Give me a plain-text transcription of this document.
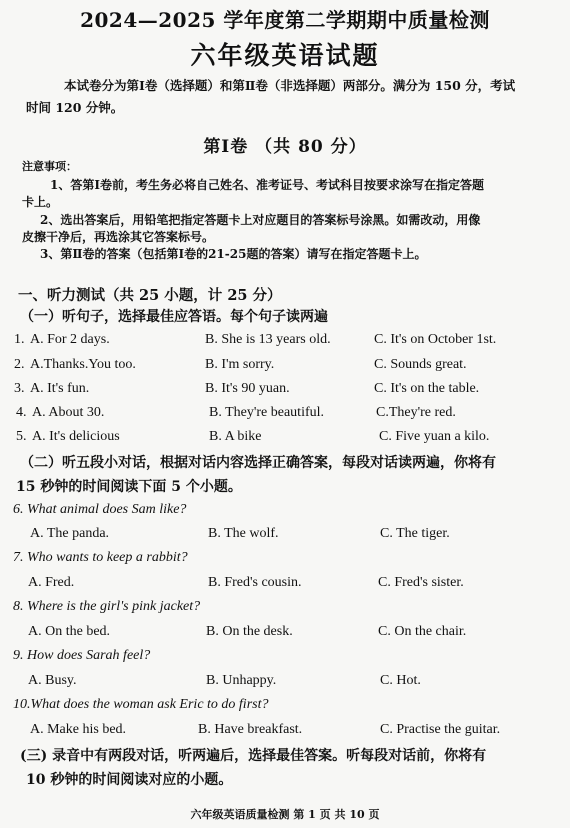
2024—2025 学年度第二学期期中质量检测
六年级英语试题
本试卷分为第Ⅰ卷（选择题）和第Ⅱ卷（非选择题）两部分。满分为 150 分，考试
时间 120 分钟。
第Ⅰ卷 （共 80 分）
注意事项：
1、答第Ⅰ卷前，考生务必将自己姓名、准考证号、考试科目按要求涂写在指定答题
卡上。
2、选出答案后，用铅笔把指定答题卡上对应题目的答案标号涂黑。如需改动，用像
皮擦干净后，再选涂其它答案标号。
3、第Ⅱ卷的答案（包括第Ⅰ卷的21-25题的答案）请写在指定答题卡上。
一、听力测试（共 25 小题，计 25 分）
（一）听句子，选择最佳应答语。每个句子读两遍
1. A. For 2 days.	B. She is 13 years old.	C. It's on October 1st.
2. A.Thanks.You too.	B. I'm sorry.	C. Sounds great.
3. A. It's fun.	B. It's 90 yuan.	C. It's on the table.
4. A. About 30.	B. They're beautiful.	C.They're red.
5. A. It's delicious	B. A bike	C. Five yuan a kilo.
（二）听五段小对话，根据对话内容选择正确答案，每段对话读两遍，你将有
15 秒钟的时间阅读下面 5 个小题。
6. What animal does Sam like?
A. The panda.	B. The wolf.	C. The tiger.
7. Who wants to keep a rabbit?
A. Fred.	B. Fred's cousin.	C. Fred's sister.
8. Where is the girl's pink jacket?
A. On the bed.	B. On the desk.	C. On the chair.
9. How does Sarah feel?
A. Busy.	B. Unhappy.	C. Hot.
10.What does the woman ask Eric to do first?
A. Make his bed.	B. Have breakfast.	C. Practise the guitar.
(三) 录音中有两段对话，听两遍后，选择最佳答案。听每段对话前，你将有
10 秒钟的时间阅读对应的小题。
六年级英语质量检测 第 1 页 共 10 页
